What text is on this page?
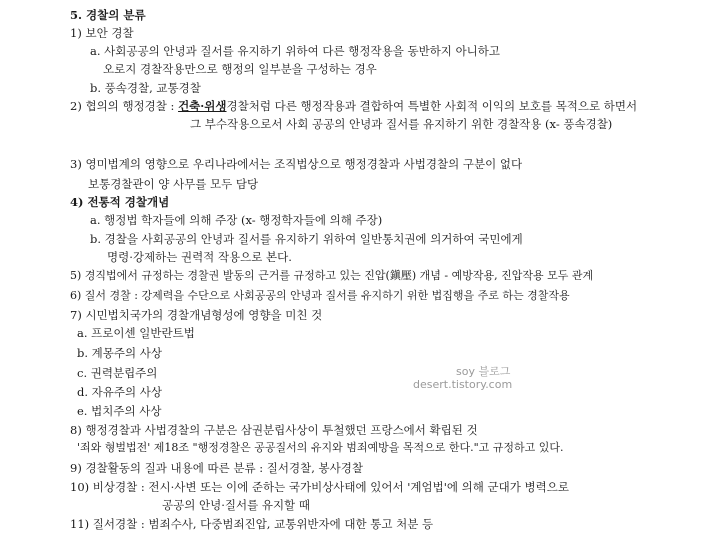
5. 경찰의 분류
1) 보안 경찰
a. 사회공공의 안녕과 질서를 유지하기 위하여 다른 행정작용을 동반하지 아니하고
오로지 경찰작용만으로 행정의 일부분을 구성하는 경우
b. 풍속경찰, 교통경찰
2) 협의의 행정경찰 : 건축·위생경찰처럼 다른 행정작용과 결합하여 특별한 사회적 이익의 보호를 목적으로 하면서
그 부수작용으로서 사회 공공의 안녕과 질서를 유지하기 위한 경찰작용 (x- 풍속경찰)
3) 영미법계의 영향으로 우리나라에서는 조직법상으로 행정경찰과 사법경찰의 구분이 없다
보통경찰관이 양 사무를 모두 담당
4) 전통적 경찰개념
a. 행정법 학자들에 의해 주장 (x- 행정학자들에 의해 주장)
b. 경찰을 사회공공의 안녕과 질서를 유지하기 위하여 일반통치권에 의거하여 국민에게
명령·강제하는 권력적 작용으로 본다.
5) 경직법에서 규정하는 경찰권 발동의 근거를 규정하고 있는 진압(鎭壓) 개념 - 예방작용, 진압작용 모두 관계
6) 질서 경찰 : 강제력을 수단으로 사회공공의 안녕과 질서를 유지하기 위한 법집행을 주로 하는 경찰작용
7) 시민법치국가의 경찰개념형성에 영향을 미친 것
a. 프로이센 일반란트법
b. 계몽주의 사상
c. 권력분립주의
d. 자유주의 사상
e. 법치주의 사상
8) 행정경찰과 사법경찰의 구분은 삼권분립사상이 투철했던 프랑스에서 확립된 것
'죄와 형벌법전' 제18조 "행정경찰은 공공질서의 유지와 범죄예방을 목적으로 한다."고 규정하고 있다.
9) 경찰활동의 질과 내용에 따른 분류 : 질서경찰, 봉사경찰
10) 비상경찰 : 전시·사변 또는 이에 준하는 국가비상사태에 있어서 '계엄법'에 의해 군대가 병력으로
공공의 안녕·질서를 유지할 때
11) 질서경찰 : 범죄수사, 다중범죄진압, 교통위반자에 대한 통고 처분 등
soy 블로그
desert.tistory.com
